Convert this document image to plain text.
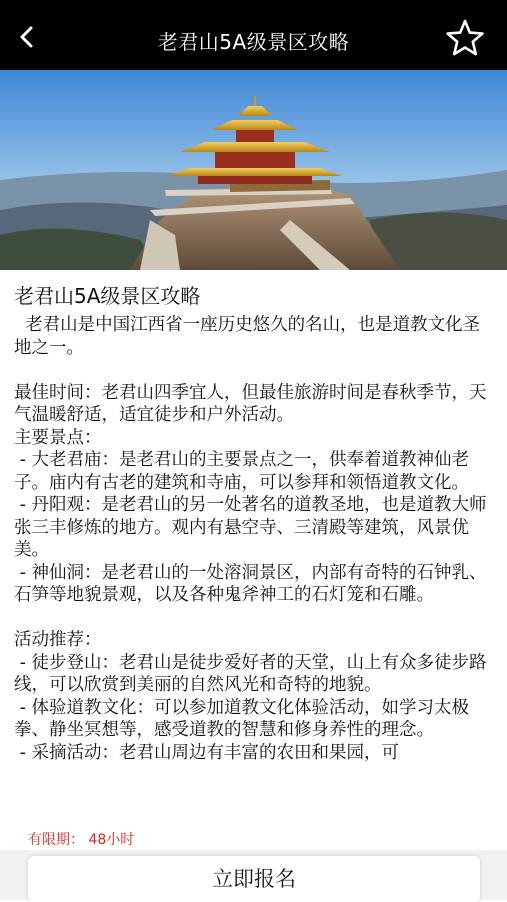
老君山5A级景区攻略
老君山5A级景区攻略
老君山是中国江西省一座历史悠久的名山，也是道教文化圣地之一。

最佳时间：老君山四季宜人，但最佳旅游时间是春秋季节，天气温暖舒适，适宜徒步和户外活动。
主要景点：
- 大老君庙：是老君山的主要景点之一，供奉着道教神仙老子。庙内有古老的建筑和寺庙，可以参拜和领悟道教文化。
- 丹阳观：是老君山的另一处著名的道教圣地，也是道教大师张三丰修炼的地方。观内有悬空寺、三清殿等建筑，风景优美。
- 神仙洞：是老君山的一处溶洞景区，内部有奇特的石钟乳、石笋等地貌景观，以及各种鬼斧神工的石灯笼和石雕。

活动推荐：
- 徒步登山：老君山是徒步爱好者的天堂，山上有众多徒步路线，可以欣赏到美丽的自然风光和奇特的地貌。
- 体验道教文化：可以参加道教文化体验活动，如学习太极拳、静坐冥想等，感受道教的智慧和修身养性的理念。
- 采摘活动：老君山周边有丰富的农田和果园，可
有限期： 48小时
立即报名
